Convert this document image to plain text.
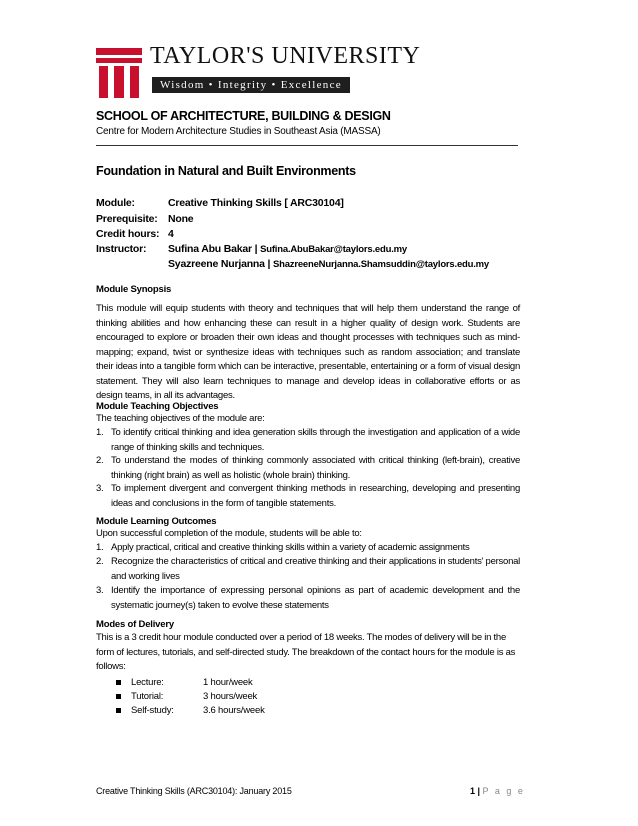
TAYLOR'S UNIVERSITY
Wisdom • Integrity • Excellence
SCHOOL OF ARCHITECTURE, BUILDING & DESIGN
Centre for Modern Architecture Studies in Southeast Asia (MASSA)
Foundation in Natural and Built Environments
Module:	Creative Thinking Skills [ ARC30104]
Prerequisite: None
Credit hours: 4
Instructor: Sufina Abu Bakar | Sufina.AbuBakar@taylors.edu.my
Syazreene Nurjanna | ShazreeneNurjanna.Shamsuddin@taylors.edu.my
Module Synopsis
This module will equip students with theory and techniques that will help them understand the range of thinking abilities and how enhancing these can result in a higher quality of design work. Students are encouraged to explore or broaden their own ideas and thought processes with techniques such as mind-mapping; expand, twist or synthesize ideas with techniques such as random association; and translate their ideas into a tangible form which can be interactive, presentable, entertaining or a form of visual design statement. They will also learn techniques to manage and develop ideas in collaborative efforts or as design teams, in all its advantages.
Module Teaching Objectives
The teaching objectives of the module are:
1. To identify critical thinking and idea generation skills through the investigation and application of a wide range of thinking skills and techniques.
2. To understand the modes of thinking commonly associated with critical thinking (left-brain), creative thinking (right brain) as well as holistic (whole brain) thinking.
3. To implement divergent and convergent thinking methods in researching, developing and presenting ideas and conclusions in the form of tangible statements.
Module Learning Outcomes
Upon successful completion of the module, students will be able to:
1. Apply practical, critical and creative thinking skills within a variety of academic assignments
2. Recognize the characteristics of critical and creative thinking and their applications in students' personal and working lives
3. Identify the importance of expressing personal opinions as part of academic development and the systematic journey(s) taken to evolve these statements
Modes of Delivery
This is a 3 credit hour module conducted over a period of 18 weeks. The modes of delivery will be in the form of lectures, tutorials, and self-directed study. The breakdown of the contact hours for the module is as follows:
Lecture:	1 hour/week
Tutorial:	3 hours/week
Self-study:	3.6 hours/week
Creative Thinking Skills (ARC30104): January 2015	1 | P a g e
